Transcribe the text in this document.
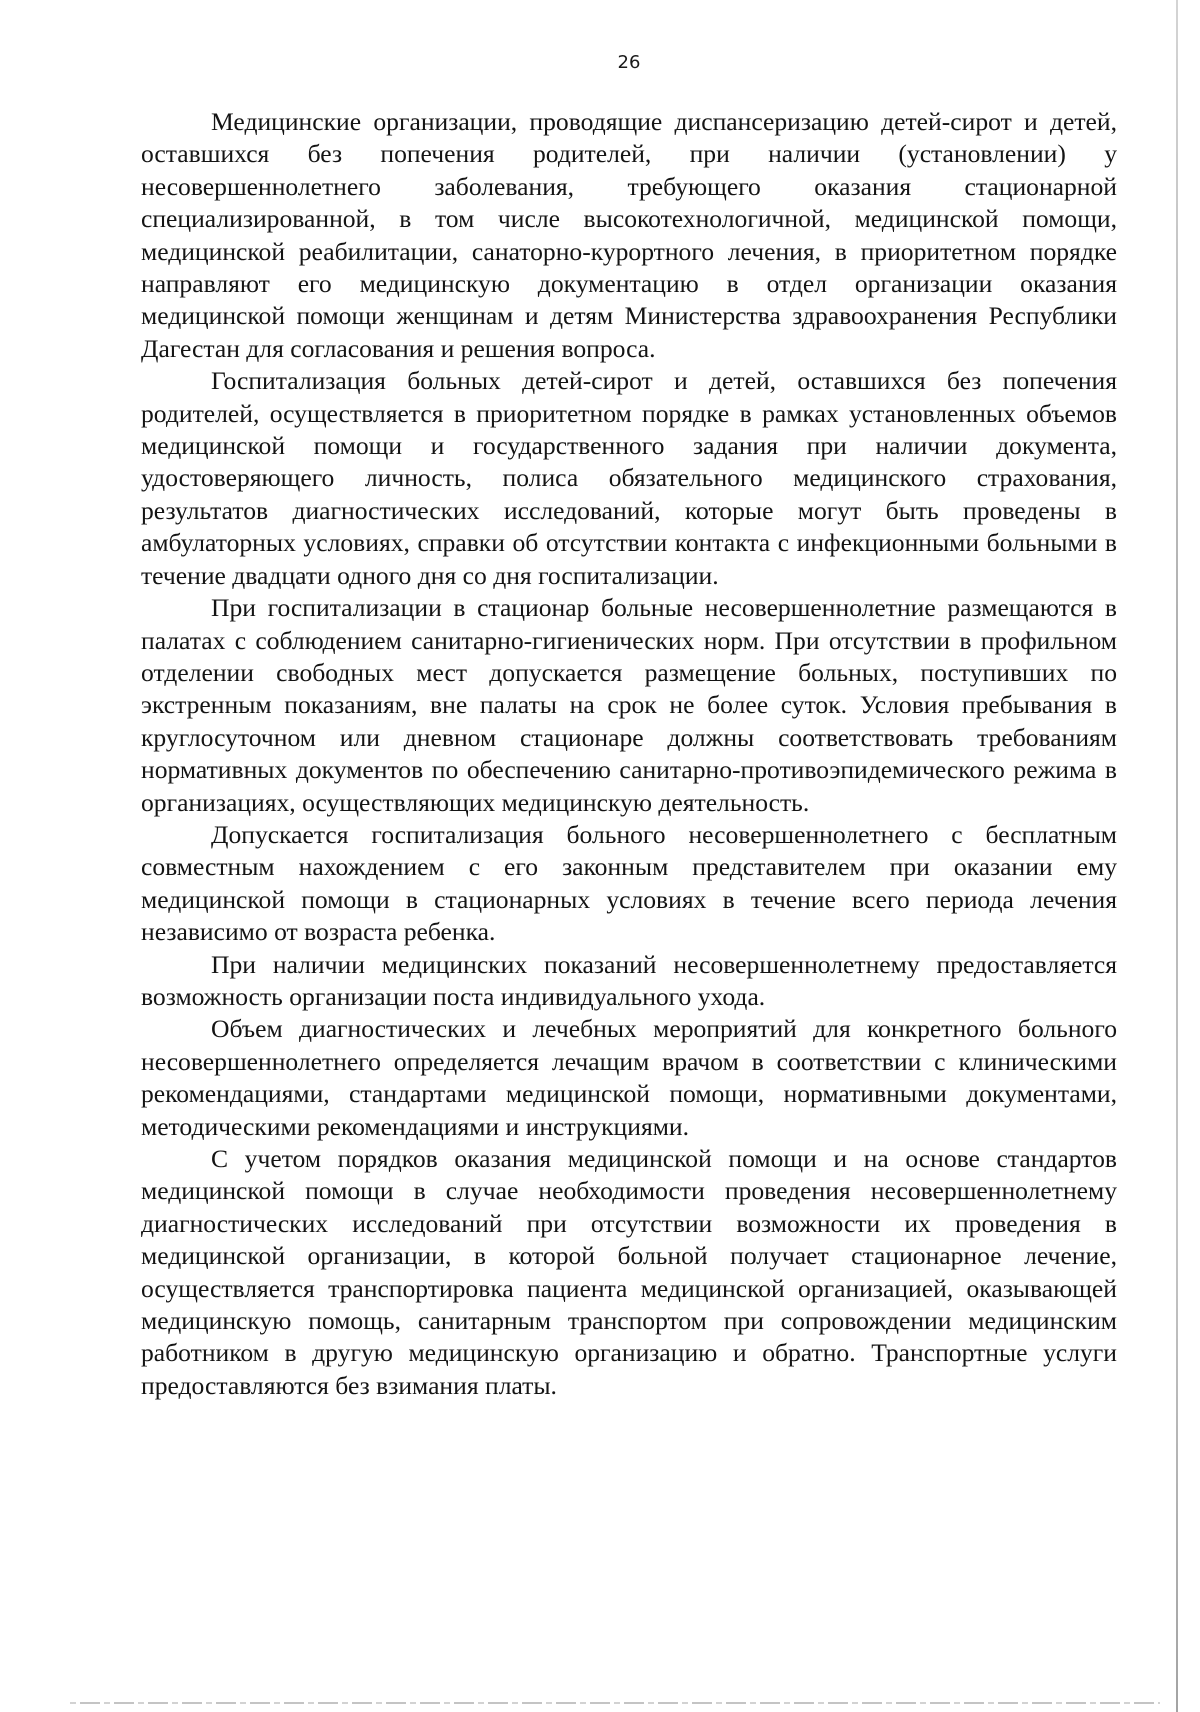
26

Медицинские организации, проводящие диспансеризацию детей-сирот и детей, оставшихся без попечения родителей, при наличии (установлении) у несовершеннолетнего заболевания, требующего оказания стационарной специализированной, в том числе высокотехнологичной, медицинской помощи, медицинской реабилитации, санаторно-курортного лечения, в приоритетном порядке направляют его медицинскую документацию в отдел организации оказания медицинской помощи женщинам и детям Министерства здравоохранения Республики Дагестан для согласования и решения вопроса.

Госпитализация больных детей-сирот и детей, оставшихся без попечения родителей, осуществляется в приоритетном порядке в рамках установленных объемов медицинской помощи и государственного задания при наличии документа, удостоверяющего личность, полиса обязательного медицинского страхования, результатов диагностических исследований, которые могут быть проведены в амбулаторных условиях, справки об отсутствии контакта с инфекционными больными в течение двадцати одного дня со дня госпитализации.

При госпитализации в стационар больные несовершеннолетние размещаются в палатах с соблюдением санитарно-гигиенических норм. При отсутствии в профильном отделении свободных мест допускается размещение больных, поступивших по экстренным показаниям, вне палаты на срок не более суток. Условия пребывания в круглосуточном или дневном стационаре должны соответствовать требованиям нормативных документов по обеспечению санитарно-противоэпидемического режима в организациях, осуществляющих медицинскую деятельность.

Допускается госпитализация больного несовершеннолетнего с бесплатным совместным нахождением с его законным представителем при оказании ему медицинской помощи в стационарных условиях в течение всего периода лечения независимо от возраста ребенка.

При наличии медицинских показаний несовершеннолетнему предоставляется возможность организации поста индивидуального ухода.

Объем диагностических и лечебных мероприятий для конкретного больного несовершеннолетнего определяется лечащим врачом в соответствии с клиническими рекомендациями, стандартами медицинской помощи, нормативными документами, методическими рекомендациями и инструкциями.

С учетом порядков оказания медицинской помощи и на основе стандартов медицинской помощи в случае необходимости проведения несовершеннолетнему диагностических исследований при отсутствии возможности их проведения в медицинской организации, в которой больной получает стационарное лечение, осуществляется транспортировка пациента медицинской организацией, оказывающей медицинскую помощь, санитарным транспортом при сопровождении медицинским работником в другую медицинскую организацию и обратно. Транспортные услуги предоставляются без взимания платы.
